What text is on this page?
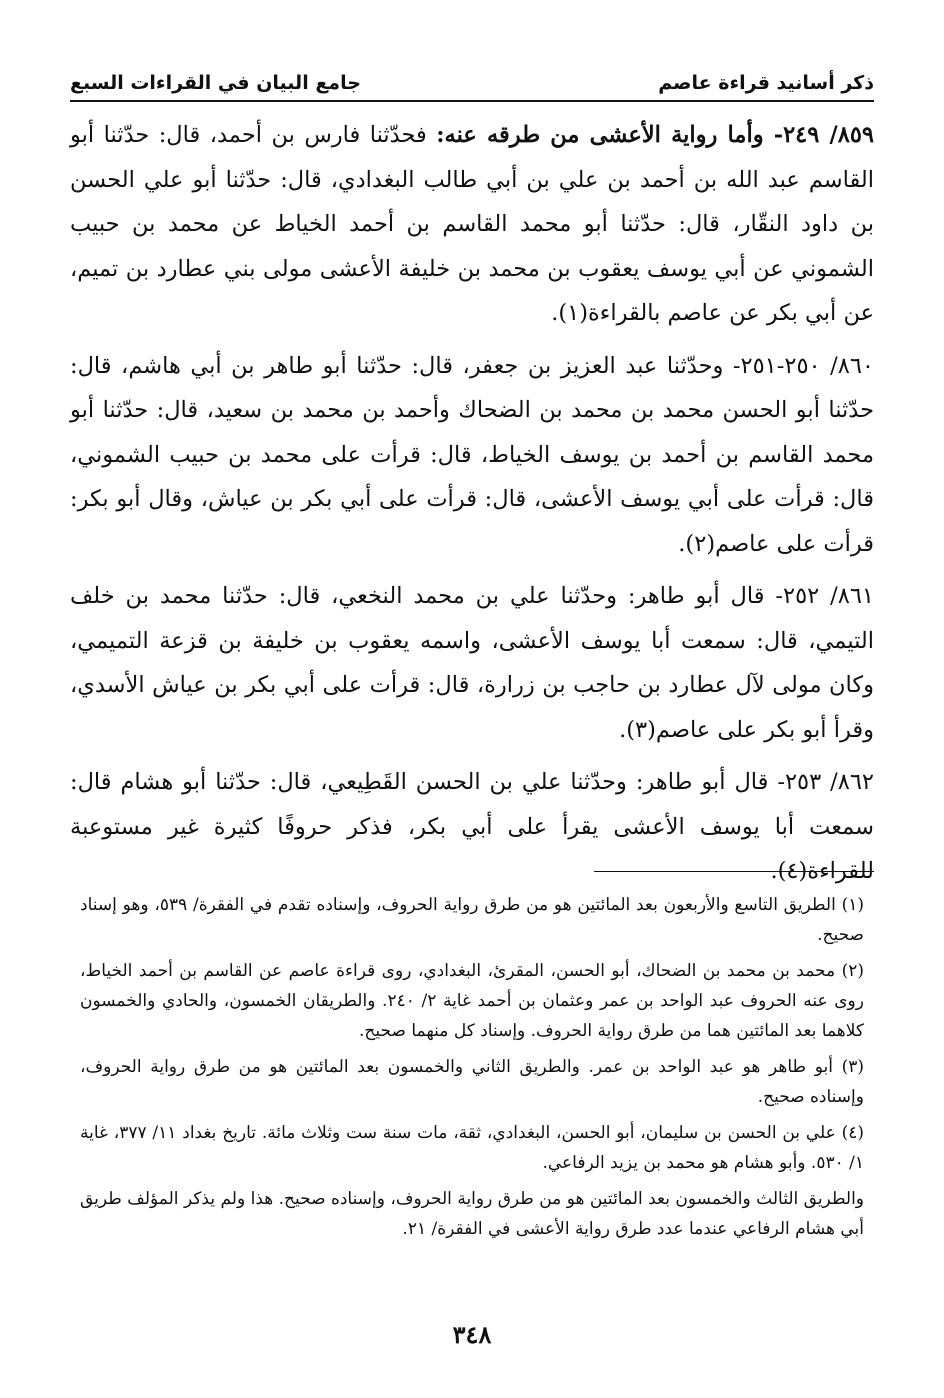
ذكر أسانيد قراءة عاصم
جامع البيان في القراءات السبع

٨٥٩/ ٢٤٩- وأما رواية الأعشى من طرقه عنه: فحدّثنا فارس بن أحمد، قال: حدّثنا أبو القاسم عبد الله بن أحمد بن علي بن أبي طالب البغدادي، قال: حدّثنا أبو علي الحسن بن داود النقّار، قال: حدّثنا أبو محمد القاسم بن أحمد الخياط عن محمد بن حبيب الشموني عن أبي يوسف يعقوب بن محمد بن خليفة الأعشى مولى بني عطارد بن تميم، عن أبي بكر عن عاصم بالقراءة(١).

٨٦٠/ ٢٥٠-٢٥١- وحدّثنا عبد العزيز بن جعفر، قال: حدّثنا أبو طاهر بن أبي هاشم، قال: حدّثنا أبو الحسن محمد بن محمد بن الضحاك وأحمد بن محمد بن سعيد، قال: حدّثنا أبو محمد القاسم بن أحمد بن يوسف الخياط، قال: قرأت على محمد بن حبيب الشموني، قال: قرأت على أبي يوسف الأعشى، قال: قرأت على أبي بكر بن عياش، وقال أبو بكر: قرأت على عاصم(٢).

٨٦١/ ٢٥٢- قال أبو طاهر: وحدّثنا علي بن محمد النخعي، قال: حدّثنا محمد بن خلف التيمي، قال: سمعت أبا يوسف الأعشى، واسمه يعقوب بن خليفة بن قزعة التميمي، وكان مولى لآل عطارد بن حاجب بن زرارة، قال: قرأت على أبي بكر بن عياش الأسدي، وقرأ أبو بكر على عاصم(٣).

٨٦٢/ ٢٥٣- قال أبو طاهر: وحدّثنا علي بن الحسن القَطِيعي، قال: حدّثنا أبو هشام قال: سمعت أبا يوسف الأعشى يقرأ على أبي بكر، فذكر حروفًا كثيرة غير مستوعبة للقراءة(٤).

(١) الطريق التاسع والأربعون بعد المائتين هو من طرق رواية الحروف، وإسناده تقدم في الفقرة/ ٥٣٩، وهو إسناد صحيح.

(٢) محمد بن محمد بن الضحاك، أبو الحسن، المقرئ، البغدادي، روى قراءة عاصم عن القاسم بن أحمد الخياط، روى عنه الحروف عبد الواحد بن عمر وعثمان بن أحمد غاية ٢/ ٢٤٠. والطريقان الخمسون، والحادي والخمسون كلاهما بعد المائتين هما من طرق رواية الحروف. وإسناد كل منهما صحيح.

(٣) أبو طاهر هو عبد الواحد بن عمر. والطريق الثاني والخمسون بعد المائتين هو من طرق رواية الحروف، وإسناده صحيح.

(٤) علي بن الحسن بن سليمان، أبو الحسن، البغدادي، ثقة، مات سنة ست وثلاث مائة. تاريخ بغداد ١١/ ٣٧٧، غاية ١/ ٥٣٠. وأبو هشام هو محمد بن يزيد الرفاعي.

والطريق الثالث والخمسون بعد المائتين هو من طرق رواية الحروف، وإسناده صحيح. هذا ولم يذكر المؤلف طريق أبي هشام الرفاعي عندما عدد طرق رواية الأعشى في الفقرة/ ٢١.

٣٤٨
